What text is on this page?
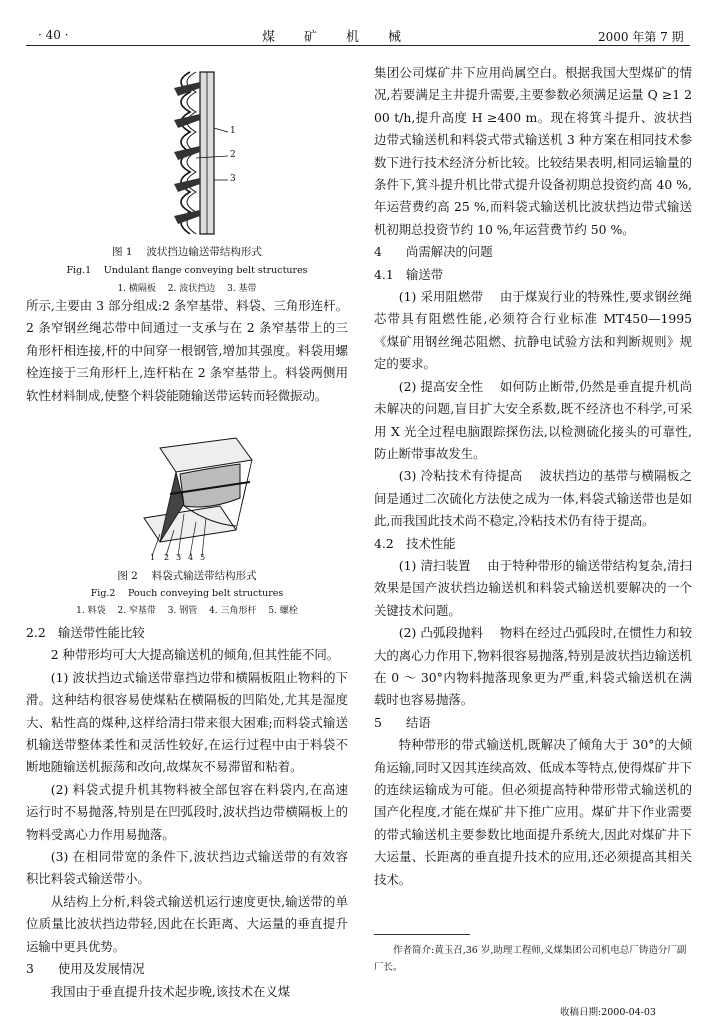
· 40 ·	煤　　矿　　机　　械	2000 年第 7 期
1
2
3

图 1　 波状挡边输送带结构形式

Fig.1　 Undulant flange conveying belt structures

1. 横隔板　 2. 波状挡边　 3. 基带

所示,主要由 3 部分组成:2 条窄基带、料袋、三角形连杆。2 条窄钢丝绳芯带中间通过一支承与在 2 条窄基带上的三角形杆相连接,杆的中间穿一根钢管,增加其强度。料袋用螺栓连接于三角形杆上,连杆粘在 2 条窄基带上。料袋两侧用软性材料制成,使整个料袋能随输送带运转而轻微振动。

1 2 3 4 5

图 2　 料袋式输送带结构形式

Fig.2　 Pouch conveying belt structures

1. 料袋　 2. 窄基带　 3. 钢管　 4. 三角形杆　 5. 螺栓

2.2 输送带性能比较

2 种带形均可大大提高输送机的倾角,但其性能不同。

(1) 波状挡边式输送带靠挡边带和横隔板阻止物料的下滑。这种结构很容易使煤粘在横隔板的凹陷处,尤其是湿度大、粘性高的煤种,这样给清扫带来很大困难;而料袋式输送机输送带整体柔性和灵活性较好,在运行过程中由于料袋不断地随输送机振荡和改向,故煤灰不易滞留和粘着。

(2) 料袋式提升机其物料被全部包容在料袋内,在高速运行时不易抛落,特别是在凹弧段时,波状挡边带横隔板上的物料受离心力作用易抛落。

(3) 在相同带宽的条件下,波状挡边式输送带的有效容积比料袋式输送带小。

从结构上分析,料袋式输送机运行速度更快,输送带的单位质量比波状挡边带轻,因此在长距离、大运量的垂直提升运输中更具优势。

3 使用及发展情况

我国由于垂直提升技术起步晚,该技术在义煤

集团公司煤矿井下应用尚属空白。根据我国大型煤矿的情况,若要满足主井提升需要,主要参数必须满足运量 Q ≥1 200 t/h,提升高度 H ≥400 m。现在将箕斗提升、波状挡边带式输送机和料袋式带式输送机 3 种方案在相同技术参数下进行技术经济分析比较。比较结果表明,相同运输量的条件下,箕斗提升机比带式提升设备初期总投资约高 40 %,年运营费约高 25 %,而料袋式输送机比波状挡边带式输送机初期总投资节约 10 %,年运营费节约 50 %。

4 尚需解决的问题

4.1 输送带

(1) 采用阻燃带　 由于煤炭行业的特殊性,要求钢丝绳芯带具有阻燃性能,必须符合行业标准 MT450—1995《煤矿用钢丝绳芯阻燃、抗静电试验方法和判断规则》规定的要求。

(2) 提高安全性　 如何防止断带,仍然是垂直提升机尚未解决的问题,盲目扩大安全系数,既不经济也不科学,可采用 X 光全过程电脑跟踪探伤法,以检测硫化接头的可靠性,防止断带事故发生。

(3) 冷粘技术有待提高　 波状挡边的基带与横隔板之间是通过二次硫化方法使之成为一体,料袋式输送带也是如此,而我国此技术尚不稳定,冷粘技术仍有待于提高。

4.2 技术性能

(1) 清扫装置　 由于特种带形的输送带结构复杂,清扫效果是国产波状挡边输送机和料袋式输送机要解决的一个关键技术问题。

(2) 凸弧段抛料　 物料在经过凸弧段时,在惯性力和较大的离心力作用下,物料很容易抛落,特别是波状挡边输送机在 0 ～ 30°内物料抛落现象更为严重,料袋式输送机在满载时也容易抛落。

5 结语

特种带形的带式输送机,既解决了倾角大于 30°的大倾角运输,同时又因其连续高效、低成本等特点,使得煤矿井下的连续运输成为可能。但必须提高特种带形带式输送机的国产化程度,才能在煤矿井下推广应用。煤矿井下作业需要的带式输送机主要参数比地面提升系统大,因此对煤矿井下大运量、长距离的垂直提升技术的应用,还必须提高其相关技术。

作者简介:黄玉召,36 岁,助理工程师,义煤集团公司机电总厂铸造分厂副厂长。

收稿日期:2000-04-03
